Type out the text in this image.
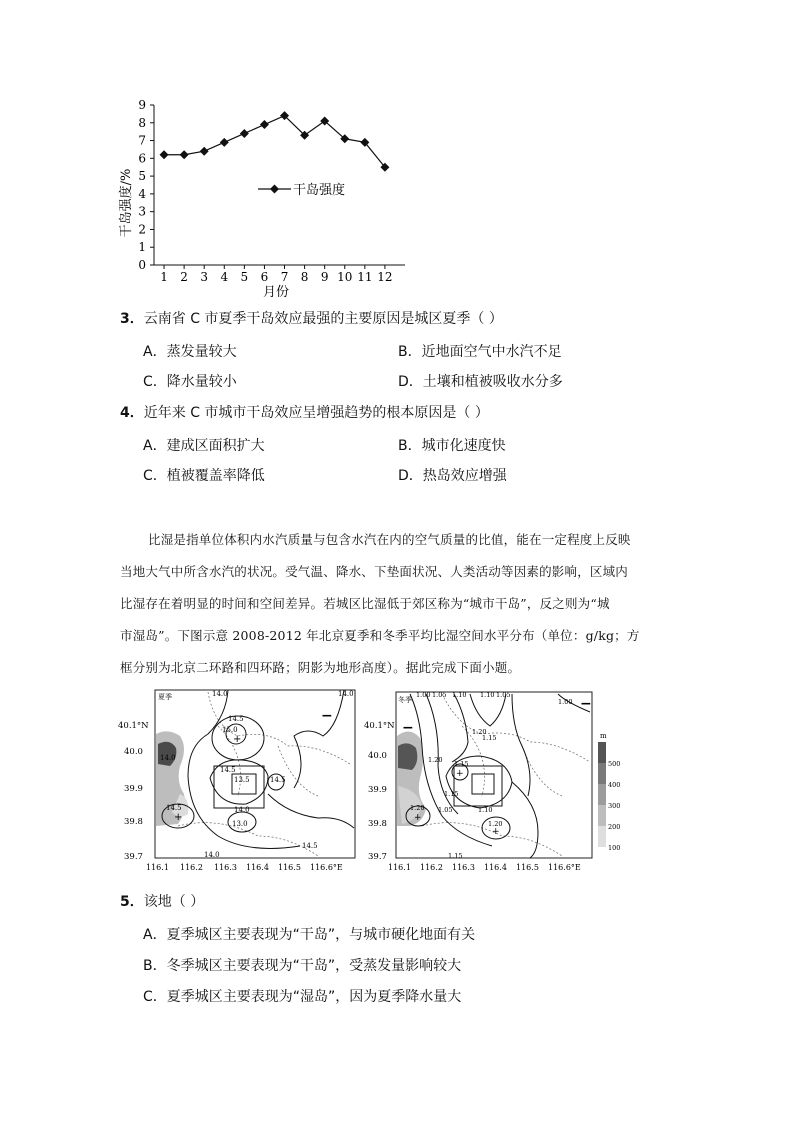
0
1
2
3
4
5
6
7
8
9
1 2 3 4 5 6 7 8 9 10 11 12
干岛强度/%
月份
干岛强度
3．云南省 C 市夏季干岛效应最强的主要原因是城区夏季（ ）
A．蒸发量较大	B．近地面空气中水汽不足
C．降水量较小	D．土壤和植被吸收水分多
4．近年来 C 市城市干岛效应呈增强趋势的根本原因是（ ）
A．建成区面积扩大	B．城市化速度快
C．植被覆盖率降低	D．热岛效应增强

比湿是指单位体积内水汽质量与包含水汽在内的空气质量的比值，能在一定程度上反映

当地大气中所含水汽的状况。受气温、降水、下垫面状况、人类活动等因素的影响，区域内

比湿存在着明显的时间和空间差异。若城区比湿低于郊区称为“城市干岛”，反之则为“城

市湿岛”。下图示意 2008-2012 年北京夏季和冬季平均比湿空间水平分布（单位：g/kg；方

框分别为北京二环路和四环路；阴影为地形高度）。据此完成下面小题。

40.1°N
40.0
39.9
39.8
39.7
14.0
14.5
15.0
14.5
13.5
14.5	14.0
14.0
14.5
13.0
14.5
14.0
14.0
夏季
−
+
+
116.1 116.2 116.3 116.4 116.5 116.6°E
40.1°N
40.0
39.9
39.8
39.7
冬季
1.00 1.05 1.10 1.10 1.05
1.00
1.15
1.20 1.15
1.15
1.20	1.10
1.05
1.20
1.15
1.20
−
−
+
+
+
116.1 116.2 116.3 116.4 116.5 116.6°E
m
500
400
300
200
100
5．该地（ ）
A．夏季城区主要表现为“干岛”，与城市硬化地面有关
B．冬季城区主要表现为“干岛”，受蒸发量影响较大
C．夏季城区主要表现为“湿岛”，因为夏季降水量大
